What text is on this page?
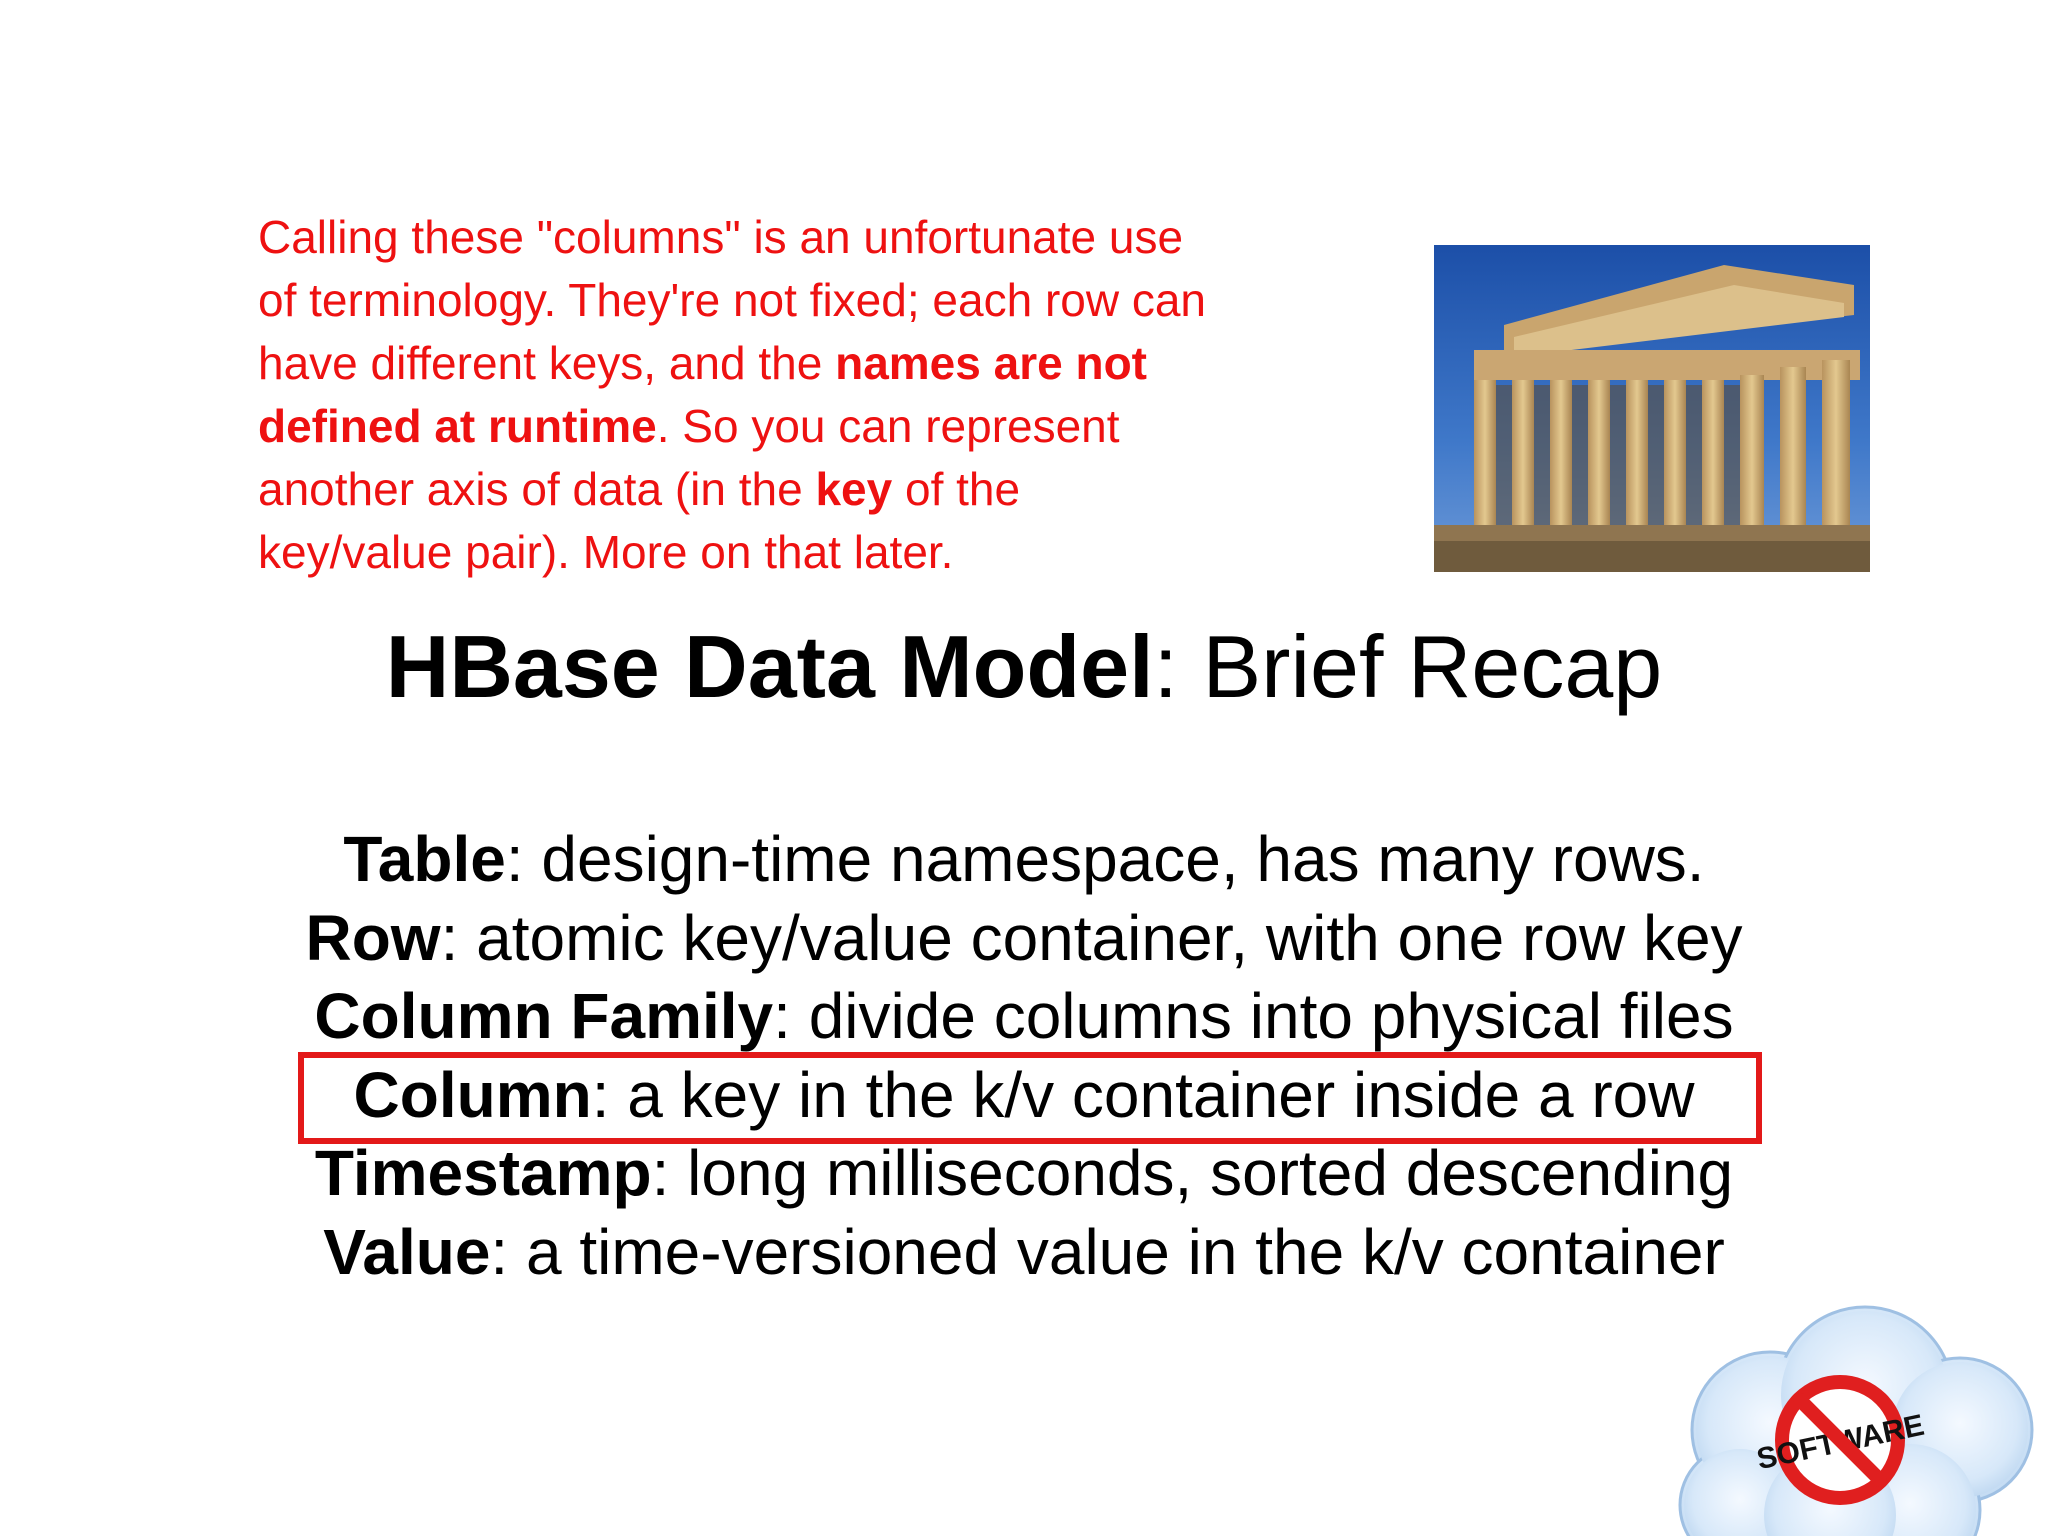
Calling these "columns" is an unfortunate use
of terminology. They're not fixed; each row can
have different keys, and the names are not
defined at runtime. So you can represent
another axis of data (in the key of the
key/value pair). More on that later.
HBase Data Model: Brief Recap
Table: design-time namespace, has many rows.
Row: atomic key/value container, with one row key
Column Family: divide columns into physical files
Column: a key in the k/v container inside a row
Timestamp: long milliseconds, sorted descending
Value: a time-versioned value in the k/v container
